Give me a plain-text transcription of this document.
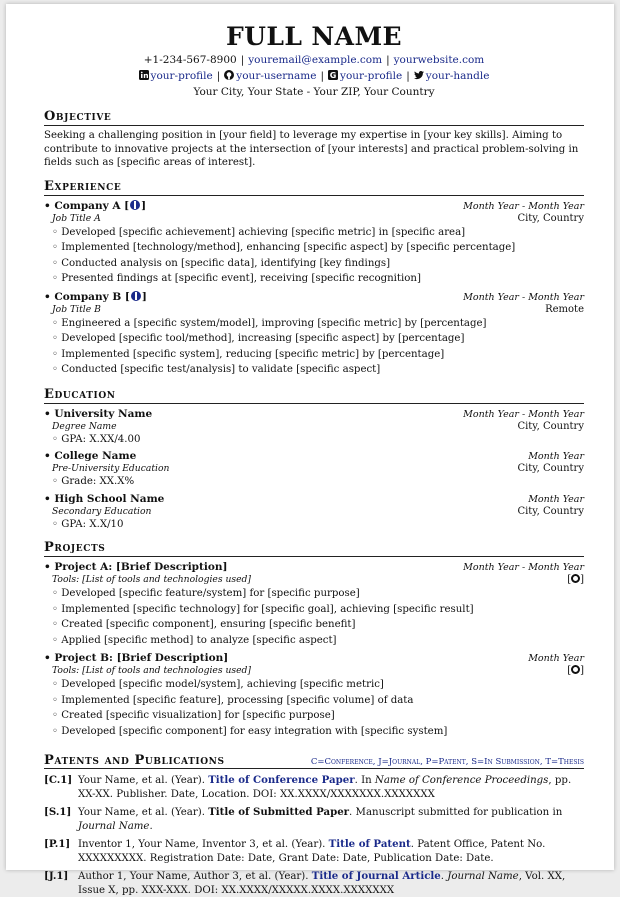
FULL NAME
+1-234-567-8900 | youremail@example.com | yourwebsite.com
your-profile | your-username | G your-profile | your-handle
Your City, Your State - Your ZIP, Your Country
Objective
Seeking a challenging position in [your field] to leverage my expertise in [your key skills]. Aiming to contribute to innovative projects at the intersection of [your interests] and practical problem-solving in fields such as [specific areas of interest].
Experience
• Company A [ ]	Month Year - Month Year
Job Title A	City, Country
◦ Developed [specific achievement] achieving [specific metric] in [specific area]
◦ Implemented [technology/method], enhancing [specific aspect] by [specific percentage]
◦ Conducted analysis on [specific data], identifying [key findings]
◦ Presented findings at [specific event], receiving [specific recognition]
• Company B [ ]	Month Year - Month Year
Job Title B	Remote
◦ Engineered a [specific system/model], improving [specific metric] by [percentage]
◦ Developed [specific tool/method], increasing [specific aspect] by [percentage]
◦ Implemented [specific system], reducing [specific metric] by [percentage]
◦ Conducted [specific test/analysis] to validate [specific aspect]
Education
• University Name	Month Year - Month Year
Degree Name	City, Country
◦ GPA: X.XX/4.00
• College Name	Month Year
Pre-University Education	City, Country
◦ Grade: XX.X%
• High School Name	Month Year
Secondary Education	City, Country
◦ GPA: X.X/10
Projects
• Project A: [Brief Description]	Month Year - Month Year
Tools: [List of tools and technologies used]	[ ]
◦ Developed [specific feature/system] for [specific purpose]
◦ Implemented [specific technology] for [specific goal], achieving [specific result]
◦ Created [specific component], ensuring [specific benefit]
◦ Applied [specific method] to analyze [specific aspect]
• Project B: [Brief Description]	Month Year
Tools: [List of tools and technologies used]	[ ]
◦ Developed [specific model/system], achieving [specific metric]
◦ Implemented [specific feature], processing [specific volume] of data
◦ Created [specific visualization] for [specific purpose]
◦ Developed [specific component] for easy integration with [specific system]
Patents and Publications	C=Conference, J=Journal, P=Patent, S=In Submission, T=Thesis
[C.1] Your Name, et al. (Year). Title of Conference Paper. In Name of Conference Proceedings, pp. XX-XX. Publisher. Date, Location. DOI: XX.XXXX/XXXXXXX.XXXXXXX
[S.1] Your Name, et al. (Year). Title of Submitted Paper. Manuscript submitted for publication in Journal Name.
[P.1] Inventor 1, Your Name, Inventor 3, et al. (Year). Title of Patent. Patent Office, Patent No. XXXXXXXXX. Registration Date: Date, Grant Date: Date, Publication Date: Date.
[J.1] Author 1, Your Name, Author 3, et al. (Year). Title of Journal Article. Journal Name, Vol. XX, Issue X, pp. XXX-XXX. DOI: XX.XXXX/XXXXX.XXXX.XXXXXXX
